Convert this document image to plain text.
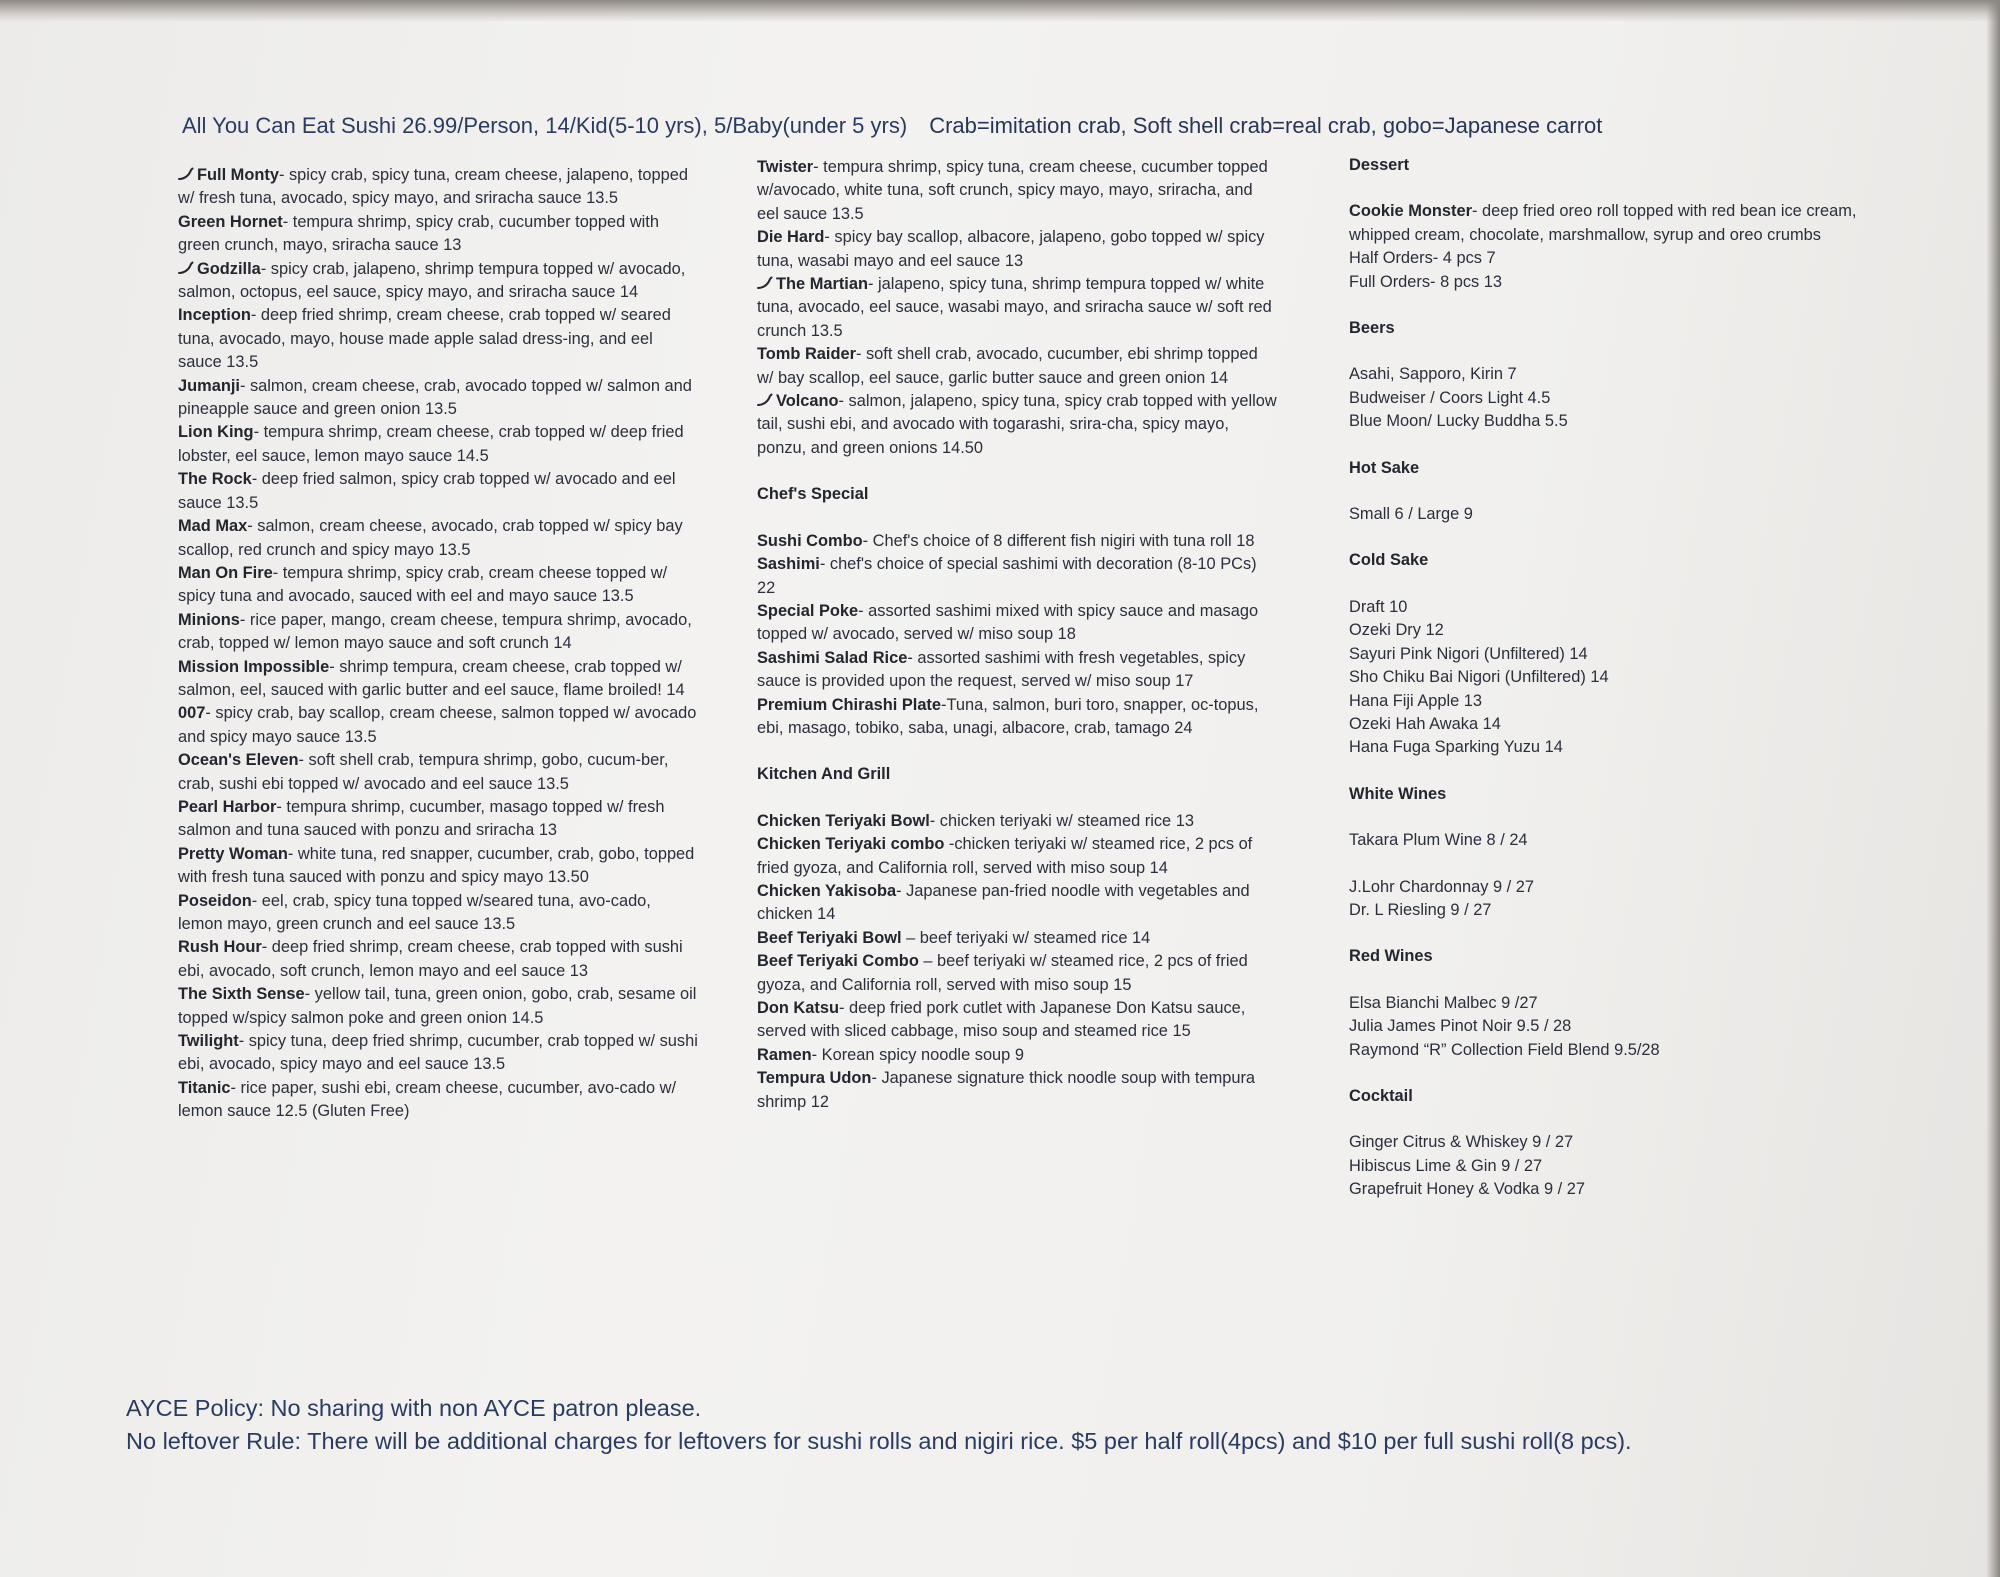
All You Can Eat Sushi 26.99/Person, 14/Kid(5-10 yrs), 5/Baby(under 5 yrs) Crab=imitation crab, Soft shell crab=real crab, gobo=Japanese carrot

Full Monty- spicy crab, spicy tuna, cream cheese, jalapeno, topped w/ fresh tuna, avocado, spicy mayo, and sriracha sauce 13.5

Green Hornet- tempura shrimp, spicy crab, cucumber topped with green crunch, mayo, sriracha sauce 13

Godzilla- spicy crab, jalapeno, shrimp tempura topped w/ avocado, salmon, octopus, eel sauce, spicy mayo, and sriracha sauce 14

Inception- deep fried shrimp, cream cheese, crab topped w/ seared tuna, avocado, mayo, house made apple salad dress-ing, and eel sauce 13.5

Jumanji- salmon, cream cheese, crab, avocado topped w/ salmon and pineapple sauce and green onion 13.5

Lion King- tempura shrimp, cream cheese, crab topped w/ deep fried lobster, eel sauce, lemon mayo sauce 14.5

The Rock- deep fried salmon, spicy crab topped w/ avocado and eel sauce 13.5

Mad Max- salmon, cream cheese, avocado, crab topped w/ spicy bay scallop, red crunch and spicy mayo 13.5

Man On Fire- tempura shrimp, spicy crab, cream cheese topped w/ spicy tuna and avocado, sauced with eel and mayo sauce 13.5

Minions- rice paper, mango, cream cheese, tempura shrimp, avocado, crab, topped w/ lemon mayo sauce and soft crunch 14

Mission Impossible- shrimp tempura, cream cheese, crab topped w/ salmon, eel, sauced with garlic butter and eel sauce, flame broiled! 14

007- spicy crab, bay scallop, cream cheese, salmon topped w/ avocado and spicy mayo sauce 13.5

Ocean's Eleven- soft shell crab, tempura shrimp, gobo, cucum-ber, crab, sushi ebi topped w/ avocado and eel sauce 13.5

Pearl Harbor- tempura shrimp, cucumber, masago topped w/ fresh salmon and tuna sauced with ponzu and sriracha 13

Pretty Woman- white tuna, red snapper, cucumber, crab, gobo, topped with fresh tuna sauced with ponzu and spicy mayo 13.50

Poseidon- eel, crab, spicy tuna topped w/seared tuna, avo-cado, lemon mayo, green crunch and eel sauce 13.5

Rush Hour- deep fried shrimp, cream cheese, crab topped with sushi ebi, avocado, soft crunch, lemon mayo and eel sauce 13

The Sixth Sense- yellow tail, tuna, green onion, gobo, crab, sesame oil topped w/spicy salmon poke and green onion 14.5

Twilight- spicy tuna, deep fried shrimp, cucumber, crab topped w/ sushi ebi, avocado, spicy mayo and eel sauce 13.5

Titanic- rice paper, sushi ebi, cream cheese, cucumber, avo-cado w/ lemon sauce 12.5 (Gluten Free)

Twister- tempura shrimp, spicy tuna, cream cheese, cucumber topped w/avocado, white tuna, soft crunch, spicy mayo, mayo, sriracha, and eel sauce 13.5

Die Hard- spicy bay scallop, albacore, jalapeno, gobo topped w/ spicy tuna, wasabi mayo and eel sauce 13

The Martian- jalapeno, spicy tuna, shrimp tempura topped w/ white tuna, avocado, eel sauce, wasabi mayo, and sriracha sauce w/ soft red crunch 13.5

Tomb Raider- soft shell crab, avocado, cucumber, ebi shrimp topped w/ bay scallop, eel sauce, garlic butter sauce and green onion 14

Volcano- salmon, jalapeno, spicy tuna, spicy crab topped with yellow tail, sushi ebi, and avocado with togarashi, srira-cha, spicy mayo, ponzu, and green onions 14.50

Chef's Special

Sushi Combo- Chef's choice of 8 different fish nigiri with tuna roll 18

Sashimi- chef's choice of special sashimi with decoration (8-10 PCs) 22

Special Poke- assorted sashimi mixed with spicy sauce and masago topped w/ avocado, served w/ miso soup 18

Sashimi Salad Rice- assorted sashimi with fresh vegetables, spicy sauce is provided upon the request, served w/ miso soup 17

Premium Chirashi Plate-Tuna, salmon, buri toro, snapper, oc-topus, ebi, masago, tobiko, saba, unagi, albacore, crab, tamago 24

Kitchen And Grill

Chicken Teriyaki Bowl- chicken teriyaki w/ steamed rice 13

Chicken Teriyaki combo -chicken teriyaki w/ steamed rice, 2 pcs of fried gyoza, and California roll, served with miso soup 14

Chicken Yakisoba- Japanese pan-fried noodle with vegetables and chicken 14

Beef Teriyaki Bowl – beef teriyaki w/ steamed rice 14

Beef Teriyaki Combo – beef teriyaki w/ steamed rice, 2 pcs of fried gyoza, and California roll, served with miso soup 15

Don Katsu- deep fried pork cutlet with Japanese Don Katsu sauce, served with sliced cabbage, miso soup and steamed rice 15

Ramen- Korean spicy noodle soup 9

Tempura Udon- Japanese signature thick noodle soup with tempura shrimp 12

Dessert

Cookie Monster- deep fried oreo roll topped with red bean ice cream, whipped cream, chocolate, marshmallow, syrup and oreo crumbs

Half Orders- 4 pcs 7

Full Orders- 8 pcs 13

Beers

Asahi, Sapporo, Kirin 7

Budweiser / Coors Light 4.5

Blue Moon/ Lucky Buddha 5.5

Hot Sake

Small 6 / Large 9

Cold Sake

Draft 10

Ozeki Dry 12

Sayuri Pink Nigori (Unfiltered) 14

Sho Chiku Bai Nigori (Unfiltered) 14

Hana Fiji Apple 13

Ozeki Hah Awaka 14

Hana Fuga Sparking Yuzu 14

White Wines

Takara Plum Wine 8 / 24

J.Lohr Chardonnay 9 / 27

Dr. L Riesling 9 / 27

Red Wines

Elsa Bianchi Malbec 9 /27

Julia James Pinot Noir 9.5 / 28

Raymond “R” Collection Field Blend 9.5/28

Cocktail

Ginger Citrus & Whiskey 9 / 27

Hibiscus Lime & Gin 9 / 27

Grapefruit Honey & Vodka 9 / 27

AYCE Policy: No sharing with non AYCE patron please.

No leftover Rule: There will be additional charges for leftovers for sushi rolls and nigiri rice. $5 per half roll(4pcs) and $10 per full sushi roll(8 pcs).
